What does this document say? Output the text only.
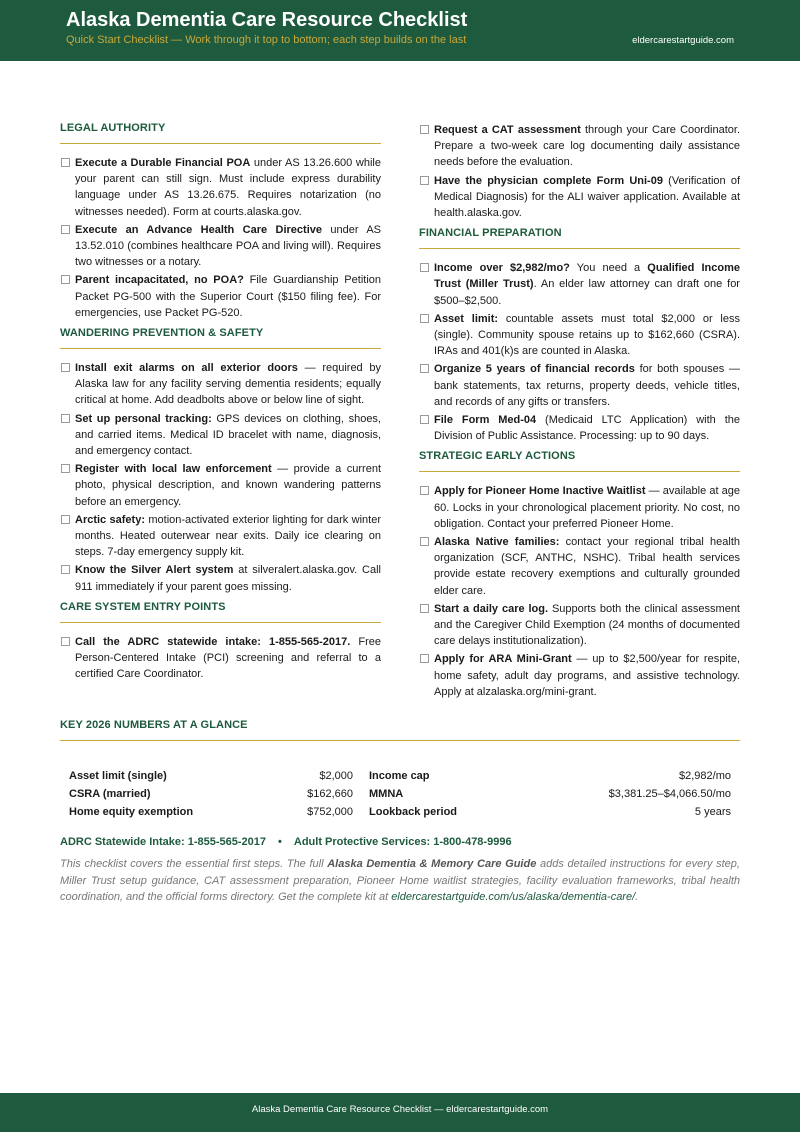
Alaska Dementia Care Resource Checklist
Quick Start Checklist — Work through it top to bottom; each step builds on the last	eldercarestartguide.com
LEGAL AUTHORITY
Execute a Durable Financial POA under AS 13.26.600 while your parent can still sign. Must include express durability language under AS 13.26.675. Requires notarization (no witnesses needed). Form at courts.alaska.gov.
Execute an Advance Health Care Directive under AS 13.52.010 (combines healthcare POA and living will). Requires two witnesses or a notary.
Parent incapacitated, no POA? File Guardianship Petition Packet PG-500 with the Superior Court ($150 filing fee). For emergencies, use Packet PG-520.
WANDERING PREVENTION & SAFETY
Install exit alarms on all exterior doors — required by Alaska law for any facility serving dementia residents; equally critical at home. Add deadbolts above or below line of sight.
Set up personal tracking: GPS devices on clothing, shoes, and carried items. Medical ID bracelet with name, diagnosis, and emergency contact.
Register with local law enforcement — provide a current photo, physical description, and known wandering patterns before an emergency.
Arctic safety: motion-activated exterior lighting for dark winter months. Heated outerwear near exits. Daily ice clearing on steps. 7-day emergency supply kit.
Know the Silver Alert system at silveralert.alaska.gov. Call 911 immediately if your parent goes missing.
CARE SYSTEM ENTRY POINTS
Call the ADRC statewide intake: 1-855-565-2017. Free Person-Centered Intake (PCI) screening and referral to a certified Care Coordinator.
Request a CAT assessment through your Care Coordinator. Prepare a two-week care log documenting daily assistance needs before the evaluation.
Have the physician complete Form Uni-09 (Verification of Medical Diagnosis) for the ALI waiver application. Available at health.alaska.gov.
FINANCIAL PREPARATION
Income over $2,982/mo? You need a Qualified Income Trust (Miller Trust). An elder law attorney can draft one for $500–$2,500.
Asset limit: countable assets must total $2,000 or less (single). Community spouse retains up to $162,660 (CSRA). IRAs and 401(k)s are counted in Alaska.
Organize 5 years of financial records for both spouses — bank statements, tax returns, property deeds, vehicle titles, and records of any gifts or transfers.
File Form Med-04 (Medicaid LTC Application) with the Division of Public Assistance. Processing: up to 90 days.
STRATEGIC EARLY ACTIONS
Apply for Pioneer Home Inactive Waitlist — available at age 60. Locks in your chronological placement priority. No cost, no obligation. Contact your preferred Pioneer Home.
Alaska Native families: contact your regional tribal health organization (SCF, ANTHC, NSHC). Tribal health services provide estate recovery exemptions and culturally grounded elder care.
Start a daily care log. Supports both the clinical assessment and the Caregiver Child Exemption (24 months of documented care delays institutionalization).
Apply for ARA Mini-Grant — up to $2,500/year for respite, home safety, adult day programs, and assistive technology. Apply at alzalaska.org/mini-grant.
KEY 2026 NUMBERS AT A GLANCE
Asset limit (single)	$2,000 Income cap	$2,982/mo
CSRA (married)	$162,660 MMNA	$3,381.25–$4,066.50/mo
Home equity exemption	$752,000 Lookback period	5 years
ADRC Statewide Intake: 1-855-565-2017 • Adult Protective Services: 1-800-478-9996
This checklist covers the essential first steps. The full Alaska Dementia & Memory Care Guide adds detailed instructions for every step, Miller Trust setup guidance, CAT assessment preparation, Pioneer Home waitlist strategies, facility evaluation frameworks, tribal health coordination, and the official forms directory. Get the complete kit at eldercarestartguide.com/us/alaska/dementia-care/.
Alaska Dementia Care Resource Checklist — eldercarestartguide.com
